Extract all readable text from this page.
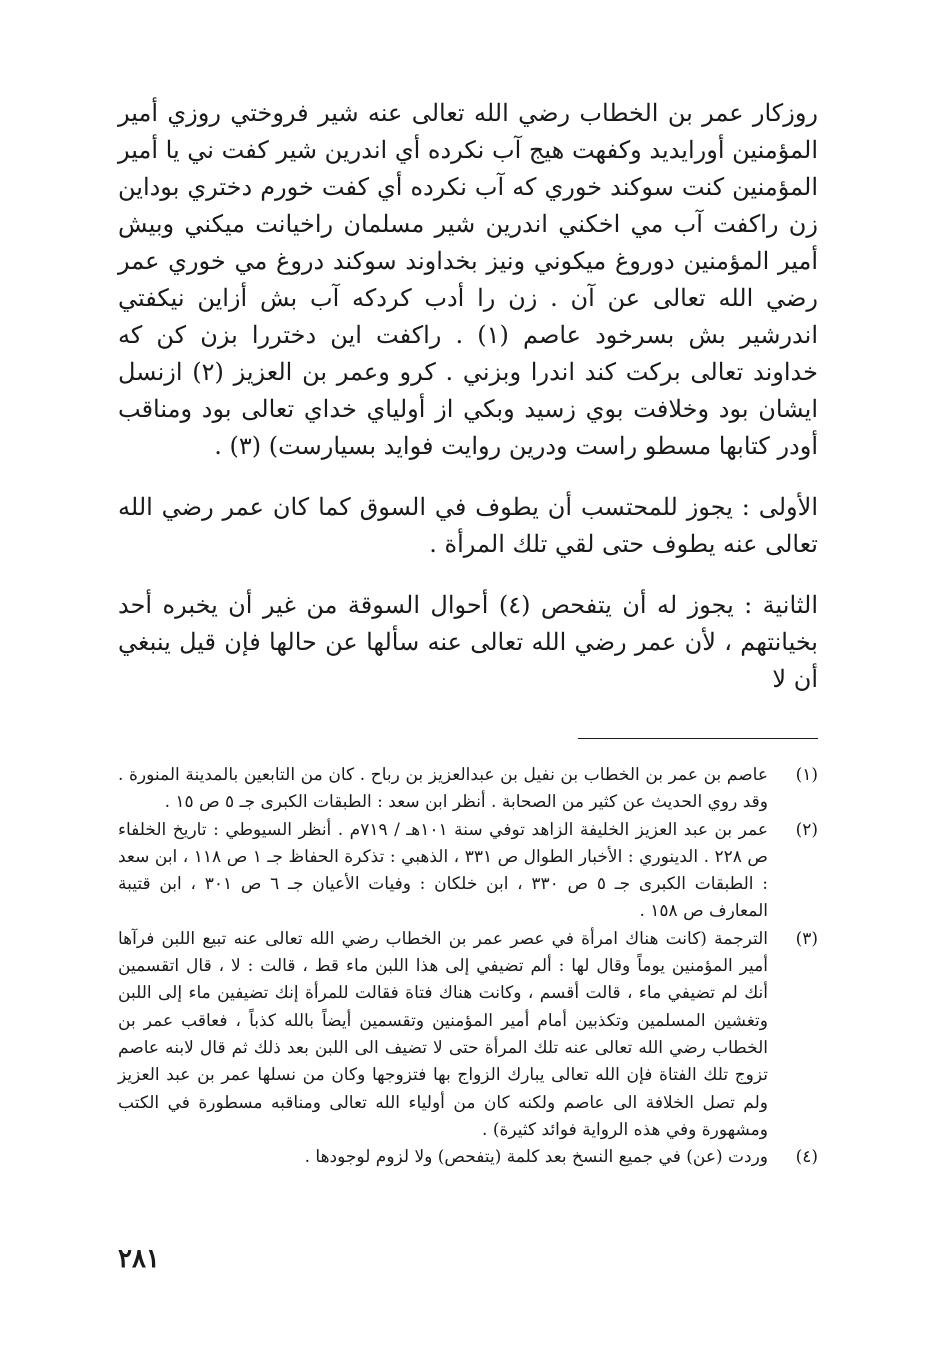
روزكار عمر بن الخطاب رضي الله تعالى عنه شير فروختي روزي أمير المؤمنين أورايديد وكفهت هيج آب نكرده أي اندرين شير كفت ني يا أمير المؤمنين كنت سوكند خوري كه آب نكرده أي كفت خورم دختري بوداين زن راكفت آب مي اخكني اندرين شير مسلمان راخيانت ميكني وبيش أمير المؤمنين دوروغ ميكوني ونيز بخداوند سوكند دروغ مي خوري عمر رضي الله تعالى عن آن . زن را أدب كردكه آب بش أزاين نيكفتي اندرشير بش بسرخود عاصم (١) . راكفت اين دختررا بزن كن كه خداوند تعالى بركت كند اندرا وبزني . كرو وعمر بن العزيز (٢) ازنسل ايشان بود وخلافت بوي زسيد وبكي از أولياي خداي تعالى بود ومناقب أودر كتابها مسطو راست ودرين روايت فوايد بسيارست) (٣) .

الأولى : يجوز للمحتسب أن يطوف في السوق كما كان عمر رضي الله تعالى عنه يطوف حتى لقي تلك المرأة .

الثانية : يجوز له أن يتفحص (٤) أحوال السوقة من غير أن يخبره أحد بخيانتهم ، لأن عمر رضي الله تعالى عنه سألها عن حالها فإن قيل ينبغي أن لا

(١)
عاصم بن عمر بن الخطاب بن نفيل بن عبدالعزيز بن رباح . كان من التابعين بالمدينة المنورة . وقد روي الحديث عن كثير من الصحابة . أنظر ابن سعد : الطبقات الكبرى جـ ٥ ص ١٥ .
(٢)
عمر بن عبد العزيز الخليفة الزاهد توفي سنة ١٠١هـ / ٧١٩م . أنظر السيوطي : تاريخ الخلفاء ص ٢٢٨ . الدينوري : الأخبار الطوال ص ٣٣١ ، الذهبي : تذكرة الحفاظ جـ ١ ص ١١٨ ، ابن سعد : الطبقات الكبرى جـ ٥ ص ٣٣٠ ، ابن خلكان : وفيات الأعيان جـ ٦ ص ٣٠١ ، ابن قتيبة المعارف ص ١٥٨ .
(٣)
الترجمة (كانت هناك امرأة في عصر عمر بن الخطاب رضي الله تعالى عنه تبيع اللبن فرآها أمير المؤمنين يوماً وقال لها : ألم تضيفي إلى هذا اللبن ماء قط ، قالت : لا ، قال اتقسمين أنك لم تضيفي ماء ، قالت أقسم ، وكانت هناك فتاة فقالت للمرأة إنك تضيفين ماء إلى اللبن وتغشين المسلمين وتكذبين أمام أمير المؤمنين وتقسمين أيضاً بالله كذباً ، فعاقب عمر بن الخطاب رضي الله تعالى عنه تلك المرأة حتى لا تضيف الى اللبن بعد ذلك ثم قال لابنه عاصم تزوج تلك الفتاة فإن الله تعالى يبارك الزواج بها فتزوجها وكان من نسلها عمر بن عبد العزيز ولم تصل الخلافة الى عاصم ولكنه كان من أولياء الله تعالى ومناقبه مسطورة في الكتب ومشهورة وفي هذه الرواية فوائد كثيرة) .
(٤)
وردت (عن) في جميع النسخ بعد كلمة (يتفحص) ولا لزوم لوجودها .
٢٨١
